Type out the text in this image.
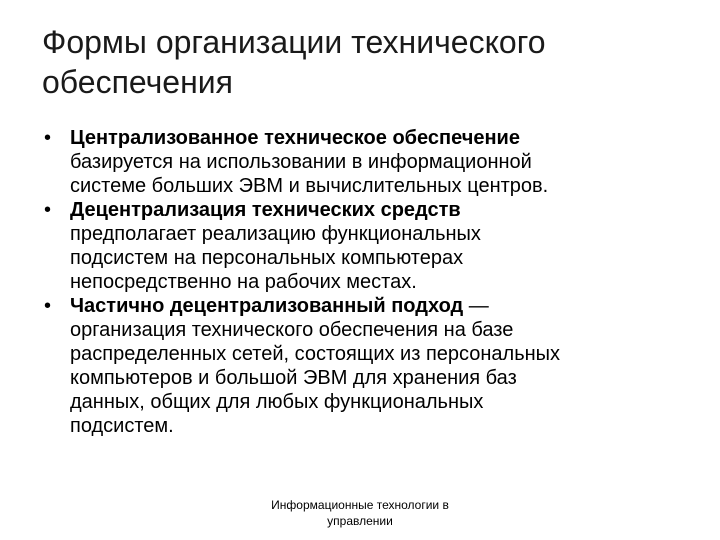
Формы организации технического
обеспечения
• Централизованное техническое обеспечение
базируется на использовании в информационной
системе больших ЭВМ и вычислительных центров.
• Децентрализация технических средств
предполагает реализацию функциональных
подсистем на персональных компьютерах
непосредственно на рабочих местах.
• Частично децентрализованный подход —
организация технического обеспечения на базе
распределенных сетей, состоящих из персональных
компьютеров и большой ЭВМ для хранения баз
данных, общих для любых функциональных
подсистем.
Информационные технологии в
управлении
